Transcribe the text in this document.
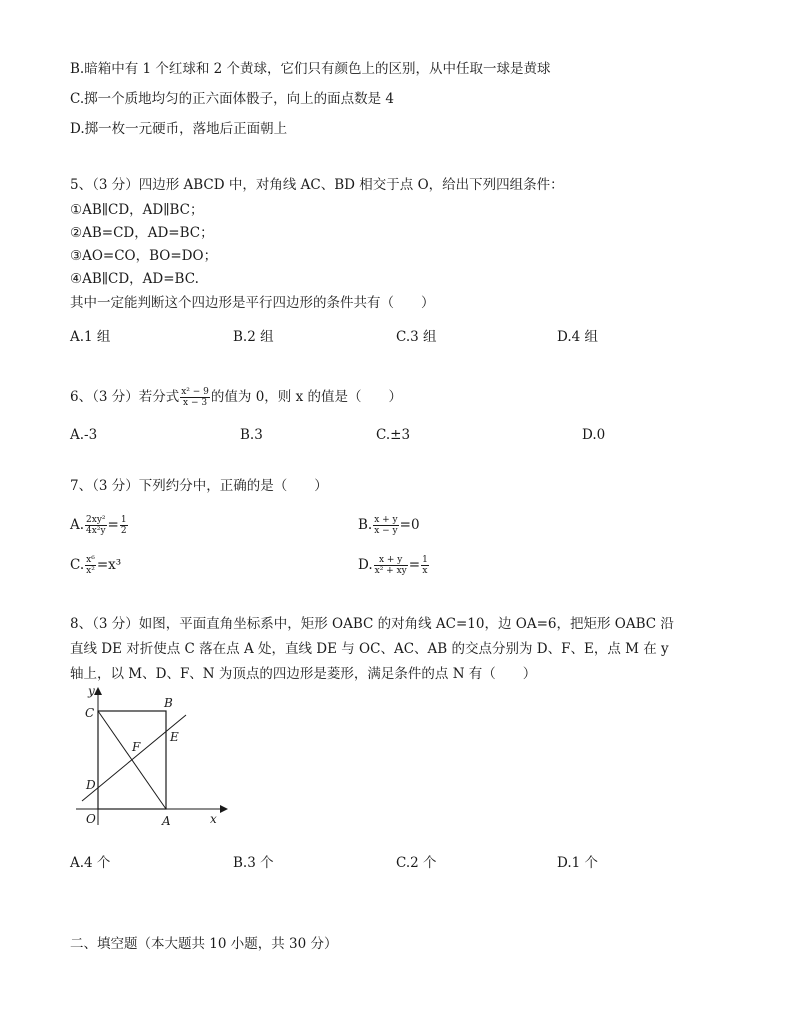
B.暗箱中有 1 个红球和 2 个黄球，它们只有颜色上的区别，从中任取一球是黄球
C.掷一个质地均匀的正六面体骰子，向上的面点数是 4
D.掷一枚一元硬币，落地后正面朝上
5、（3 分）四边形 ABCD 中，对角线 AC、BD 相交于点 O，给出下列四组条件：
①AB∥CD，AD∥BC；
②AB=CD，AD=BC；
③AO=CO，BO=DO；
④AB∥CD，AD=BC.
其中一定能判断这个四边形是平行四边形的条件共有（　　）
A.1 组	B.2 组	C.3 组	D.4 组
6、（3 分）若分式 $\frac{\text{x² − 9}}{x - 3}$ 的值为 0，则 x 的值是（　　）
A.-3	B.3	C.±3	D.0
7、（3 分）下列约分中，正确的是（　　）
A. $\frac{\text{2xy²}}{\text{4x²y}} = \frac{1}{2}$	B. $\frac{x + y}{x - y} =0$
C. $\frac{\text{x⁶}}{\text{x²}} =x^3$	D. $\frac{x + y}{\text{x² + xy}} = \frac{1}{x}$
8、（3 分）如图，平面直角坐标系中，矩形 OABC 的对角线 AC=10，边 OA=6，把矩形 OABC 沿
直线 DE 对折使点 C 落在点 A 处，直线 DE 与 OC、AC、AB 的交点分别为 D、F、E，点 M 在 y
轴上，以 M、D、F、N 为顶点的四边形是菱形，满足条件的点 N 有（　　）
y
x
O	A
B
C
D
E
F
A.4 个	B.3 个	C.2 个	D.1 个
二、填空题（本大题共 10 小题，共 30 分）
